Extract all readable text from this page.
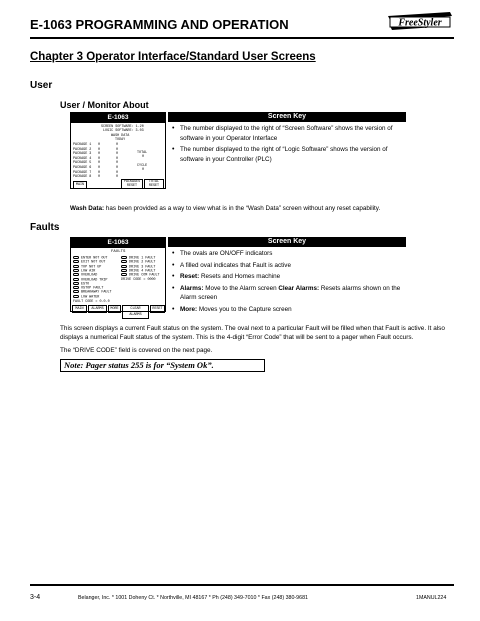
E-1063 PROGRAMMING AND OPERATION	FreeStyler
Chapter 3 Operator Interface/Standard User Screens
User
User / Monitor About
E-1063
SCREEN SOFTWARE: 1.20
LOGIC SOFTWARE: 3.03
WASH DATA
TODAY
PACKAGE 1 0	0
PACKAGE 2 0	0
PACKAGE 3 0	0
PACKAGE 4 0	0
PACKAGE 5 0	0
PACKAGE 6 0	0
PACKAGE 7 0	0
PACKAGE 8 0	0
TOTAL
0
CYCLE
0
MAIN
PACKAGES RESET
TOTAL RESET
Screen Key
• The number displayed to the right of “Screen Software” shows the version of software in your Operator Interface
• The number displayed to the right of “Logic Software” shows the version of software in your Controller (PLC)
Wash Data: has been provided as a way to view what is in the “Wash Data” screen without any reset capability.
Faults
E-1063
FAULTS
ENTER NOT OUT
EXIT NOT OUT
TOP NOT UP
LOW AIR
OVERLOAD
OVERLOAD TRIP
ESTO
OSTOP FAULT
BREAKAWAY FAULT
LOW WATER
DRIVE 1 FAULT
DRIVE 2 FAULT
DRIVE 3 FAULT
DRIVE 4 FAULT
DRIVE COM FAULT
DRIVE CODE = 0000
FAULT CODE = 0.0.0
MAIN	ALARMS	MORE	CLEAR ALARMS
RESET
Screen Key
• The ovals are ON/OFF indicators
• A filled oval indicates that Fault is active
• Reset: Resets and Homes machine
• Alarms: Move to the Alarm screen Clear Alarms: Resets alarms shown on the Alarm screen
• More: Moves you to the Capture screen
This screen displays a current Fault status on the system. The oval next to a particular Fault will be filled when that Fault is active. It also displays a numerical Fault status of the system. This is the 4-digit “Error Code” that will be sent to a pager when Fault occurs.
The “DRIVE CODE” field is covered on the next page.
Note: Pager status 255 is for “System Ok”.
3-4	Belanger, Inc. * 1001 Doheny Ct. * Northville, MI 48167 * Ph (248) 349-7010 * Fax (248) 380-9681	1MANUL224
